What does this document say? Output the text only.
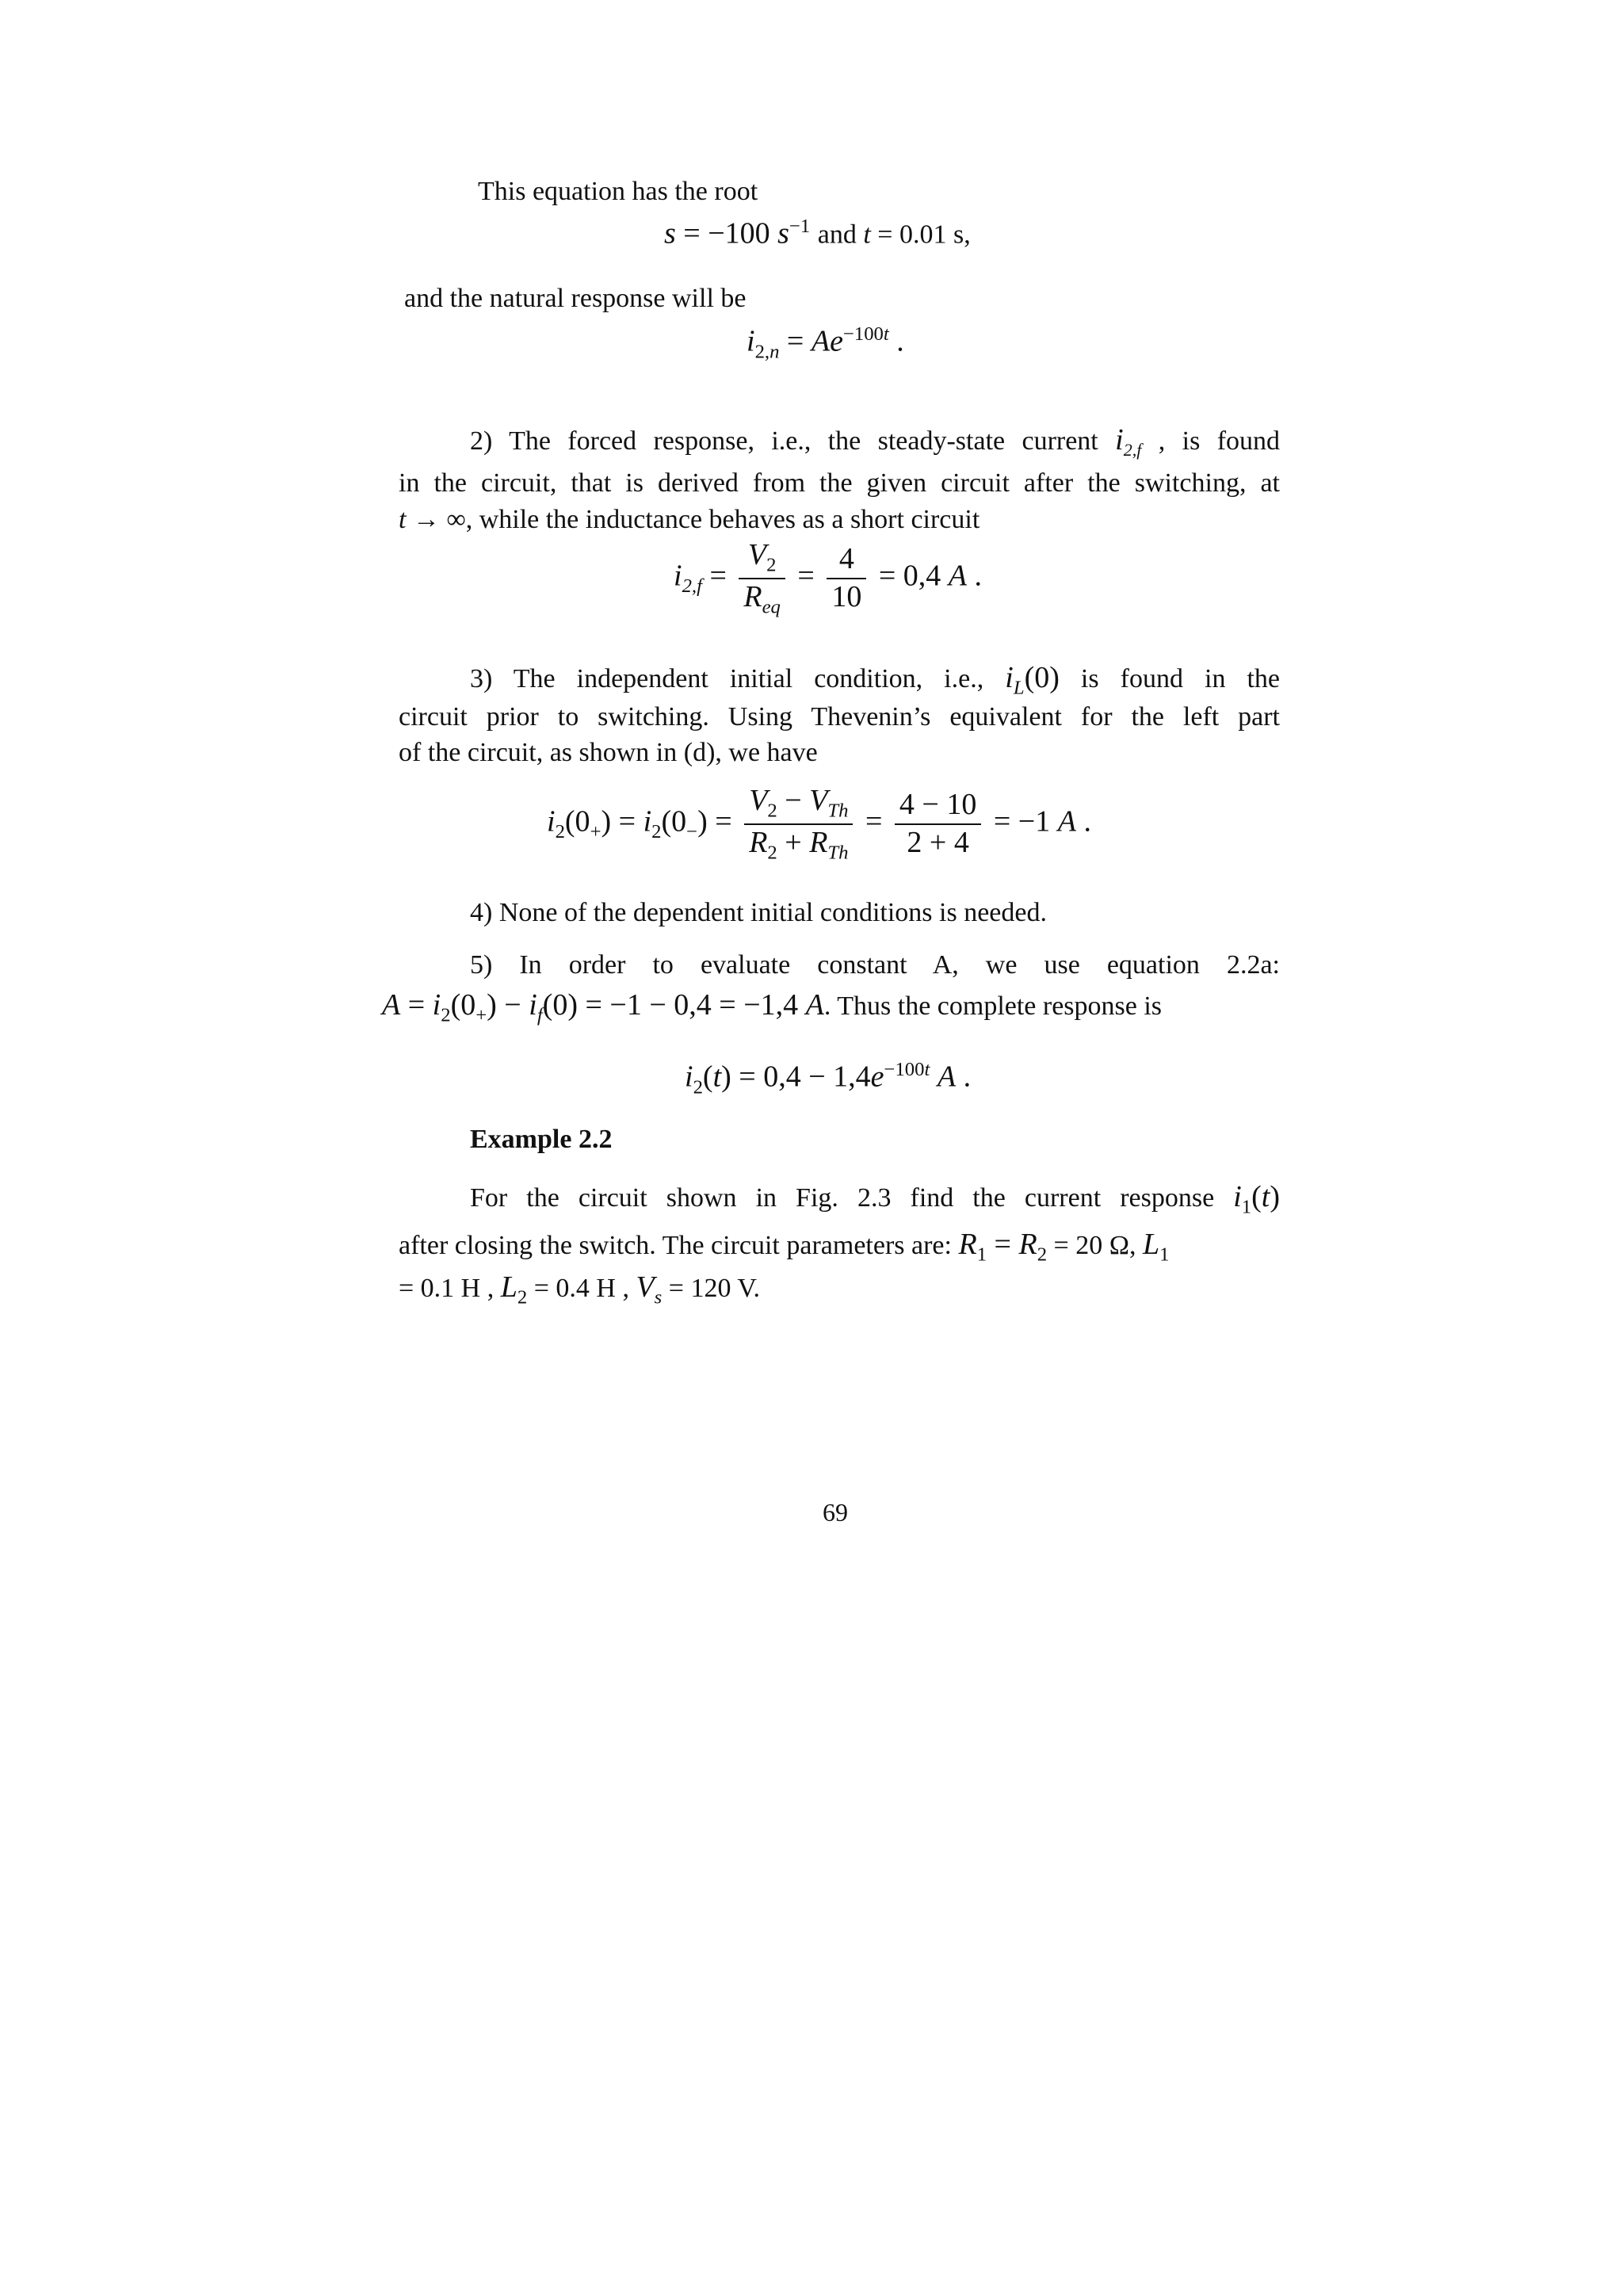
This equation has the root
s = −100 $s^{-1}$ and t = 0.01 s,
and the natural response will be
$i_{2,n} = Ae^{-100t}$ .
2) The forced response, i.e., the steady-state current $i_{2,f}$ , is found
in the circuit, that is derived from the given circuit after the switching, at
t → ∞, while the inductance behaves as a short circuit
$i_{2,f} = \frac{V_2}{R_{eq}} = \frac{4}{10} = 0,4$ A .
3) The independent initial condition, i.e., $i_L(0)$ is found in the
circuit prior to switching. Using Thevenin’s equivalent for the left part
of the circuit, as shown in (d), we have
$i_2(0_+) = i_2(0_-) = \frac{V_2 - V_{Th}}{R_2 + R_{Th}} = \frac{4 - 10}{2 + 4} = -1$ A .
4) None of the dependent initial conditions is needed.
5) In order to evaluate constant A, we use equation 2.2a:
$A = i_2(0_+) - i_f(0) = -1 - 0,4 = -1,4$ A. Thus the complete response is
$i_2(t) = 0,4 - 1,4e^{-100t}$ A .
Example 2.2
For the circuit shown in Fig. 2.3 find the current response $i_1(t)$
after closing the switch. The circuit parameters are: $R_1 = R_2 = 20$ Ω, $L_1$
= 0.1 H , $L_2 = 0.4$ H , $V_s = 120$ V.
69
